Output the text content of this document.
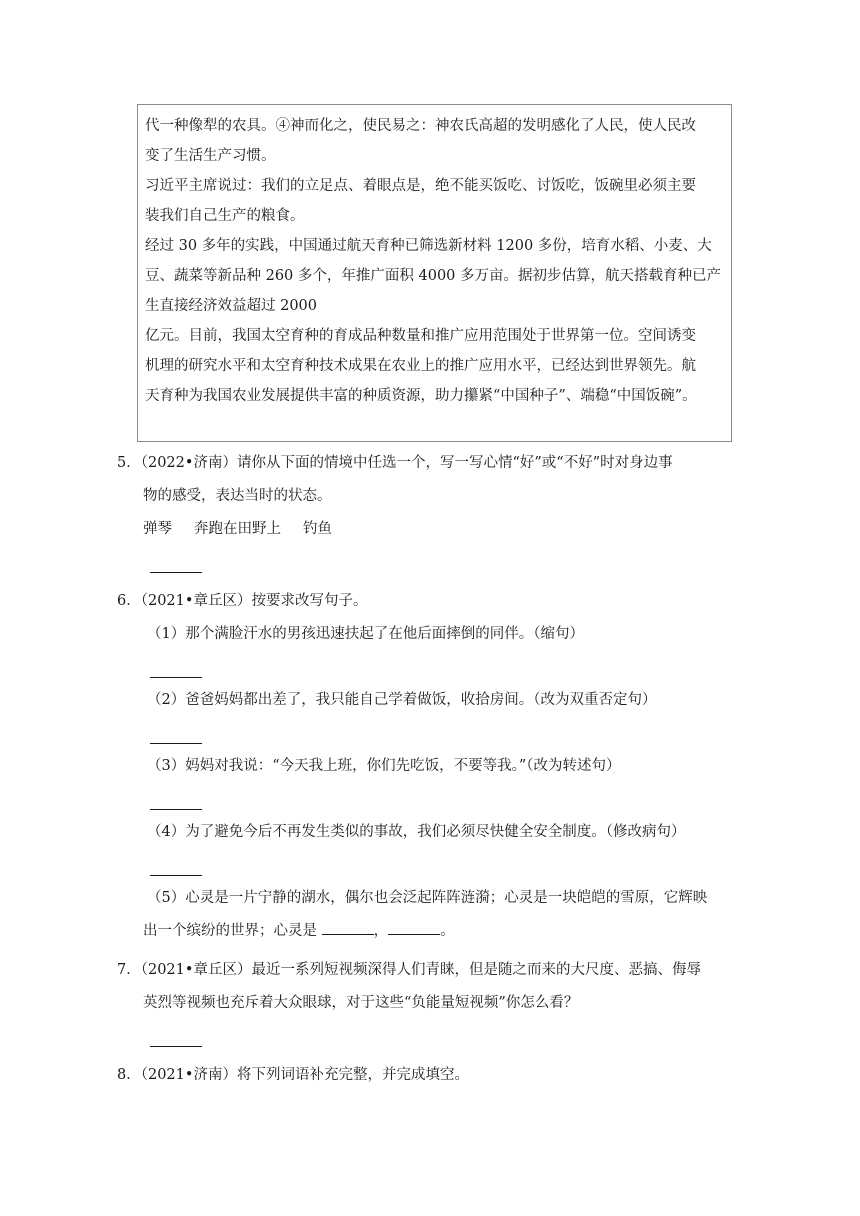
代一种像犁的农具。④神而化之，使民易之：神农氏高超的发明感化了人民，使人民改

变了生活生产习惯。

习近平主席说过：我们的立足点、着眼点是，绝不能买饭吃、讨饭吃，饭碗里必须主要

装我们自己生产的粮食。

经过 30 多年的实践，中国通过航天育种已筛选新材料 1200 多份，培育水稻、小麦、大

豆、蔬菜等新品种 260 多个，年推广面积 4000 多万亩。据初步估算，航天搭载育种已产

生直接经济效益超过 2000

亿元。目前，我国太空育种的育成品种数量和推广应用范围处于世界第一位。空间诱变

机理的研究水平和太空育种技术成果在农业上的推广应用水平，已经达到世界领先。航

天育种为我国农业发展提供丰富的种质资源，助力攥紧“中国种子”、端稳“中国饭碗”。

5．（2022•济南）请你从下面的情境中任选一个，写一写心情“好”或“不好”时对身边事

物的感受，表达当时的状态。

弹琴 奔跑在田野上 钓鱼

6．（2021•章丘区）按要求改写句子。

（1）那个满脸汗水的男孩迅速扶起了在他后面摔倒的同伴。（缩句）

（2）爸爸妈妈都出差了，我只能自己学着做饭，收拾房间。（改为双重否定句）

（3）妈妈对我说：“今天我上班，你们先吃饭，不要等我。”（改为转述句）

（4）为了避免今后不再发生类似的事故，我们必须尽快健全安全制度。（修改病句）

（5）心灵是一片宁静的湖水，偶尔也会泛起阵阵涟漪；心灵是一块皑皑的雪原，它辉映

出一个缤纷的世界；心灵是	，	。

7．（2021•章丘区）最近一系列短视频深得人们青睐，但是随之而来的大尺度、恶搞、侮辱

英烈等视频也充斥着大众眼球，对于这些“负能量短视频”你怎么看？

8．（2021•济南）将下列词语补充完整，并完成填空。
